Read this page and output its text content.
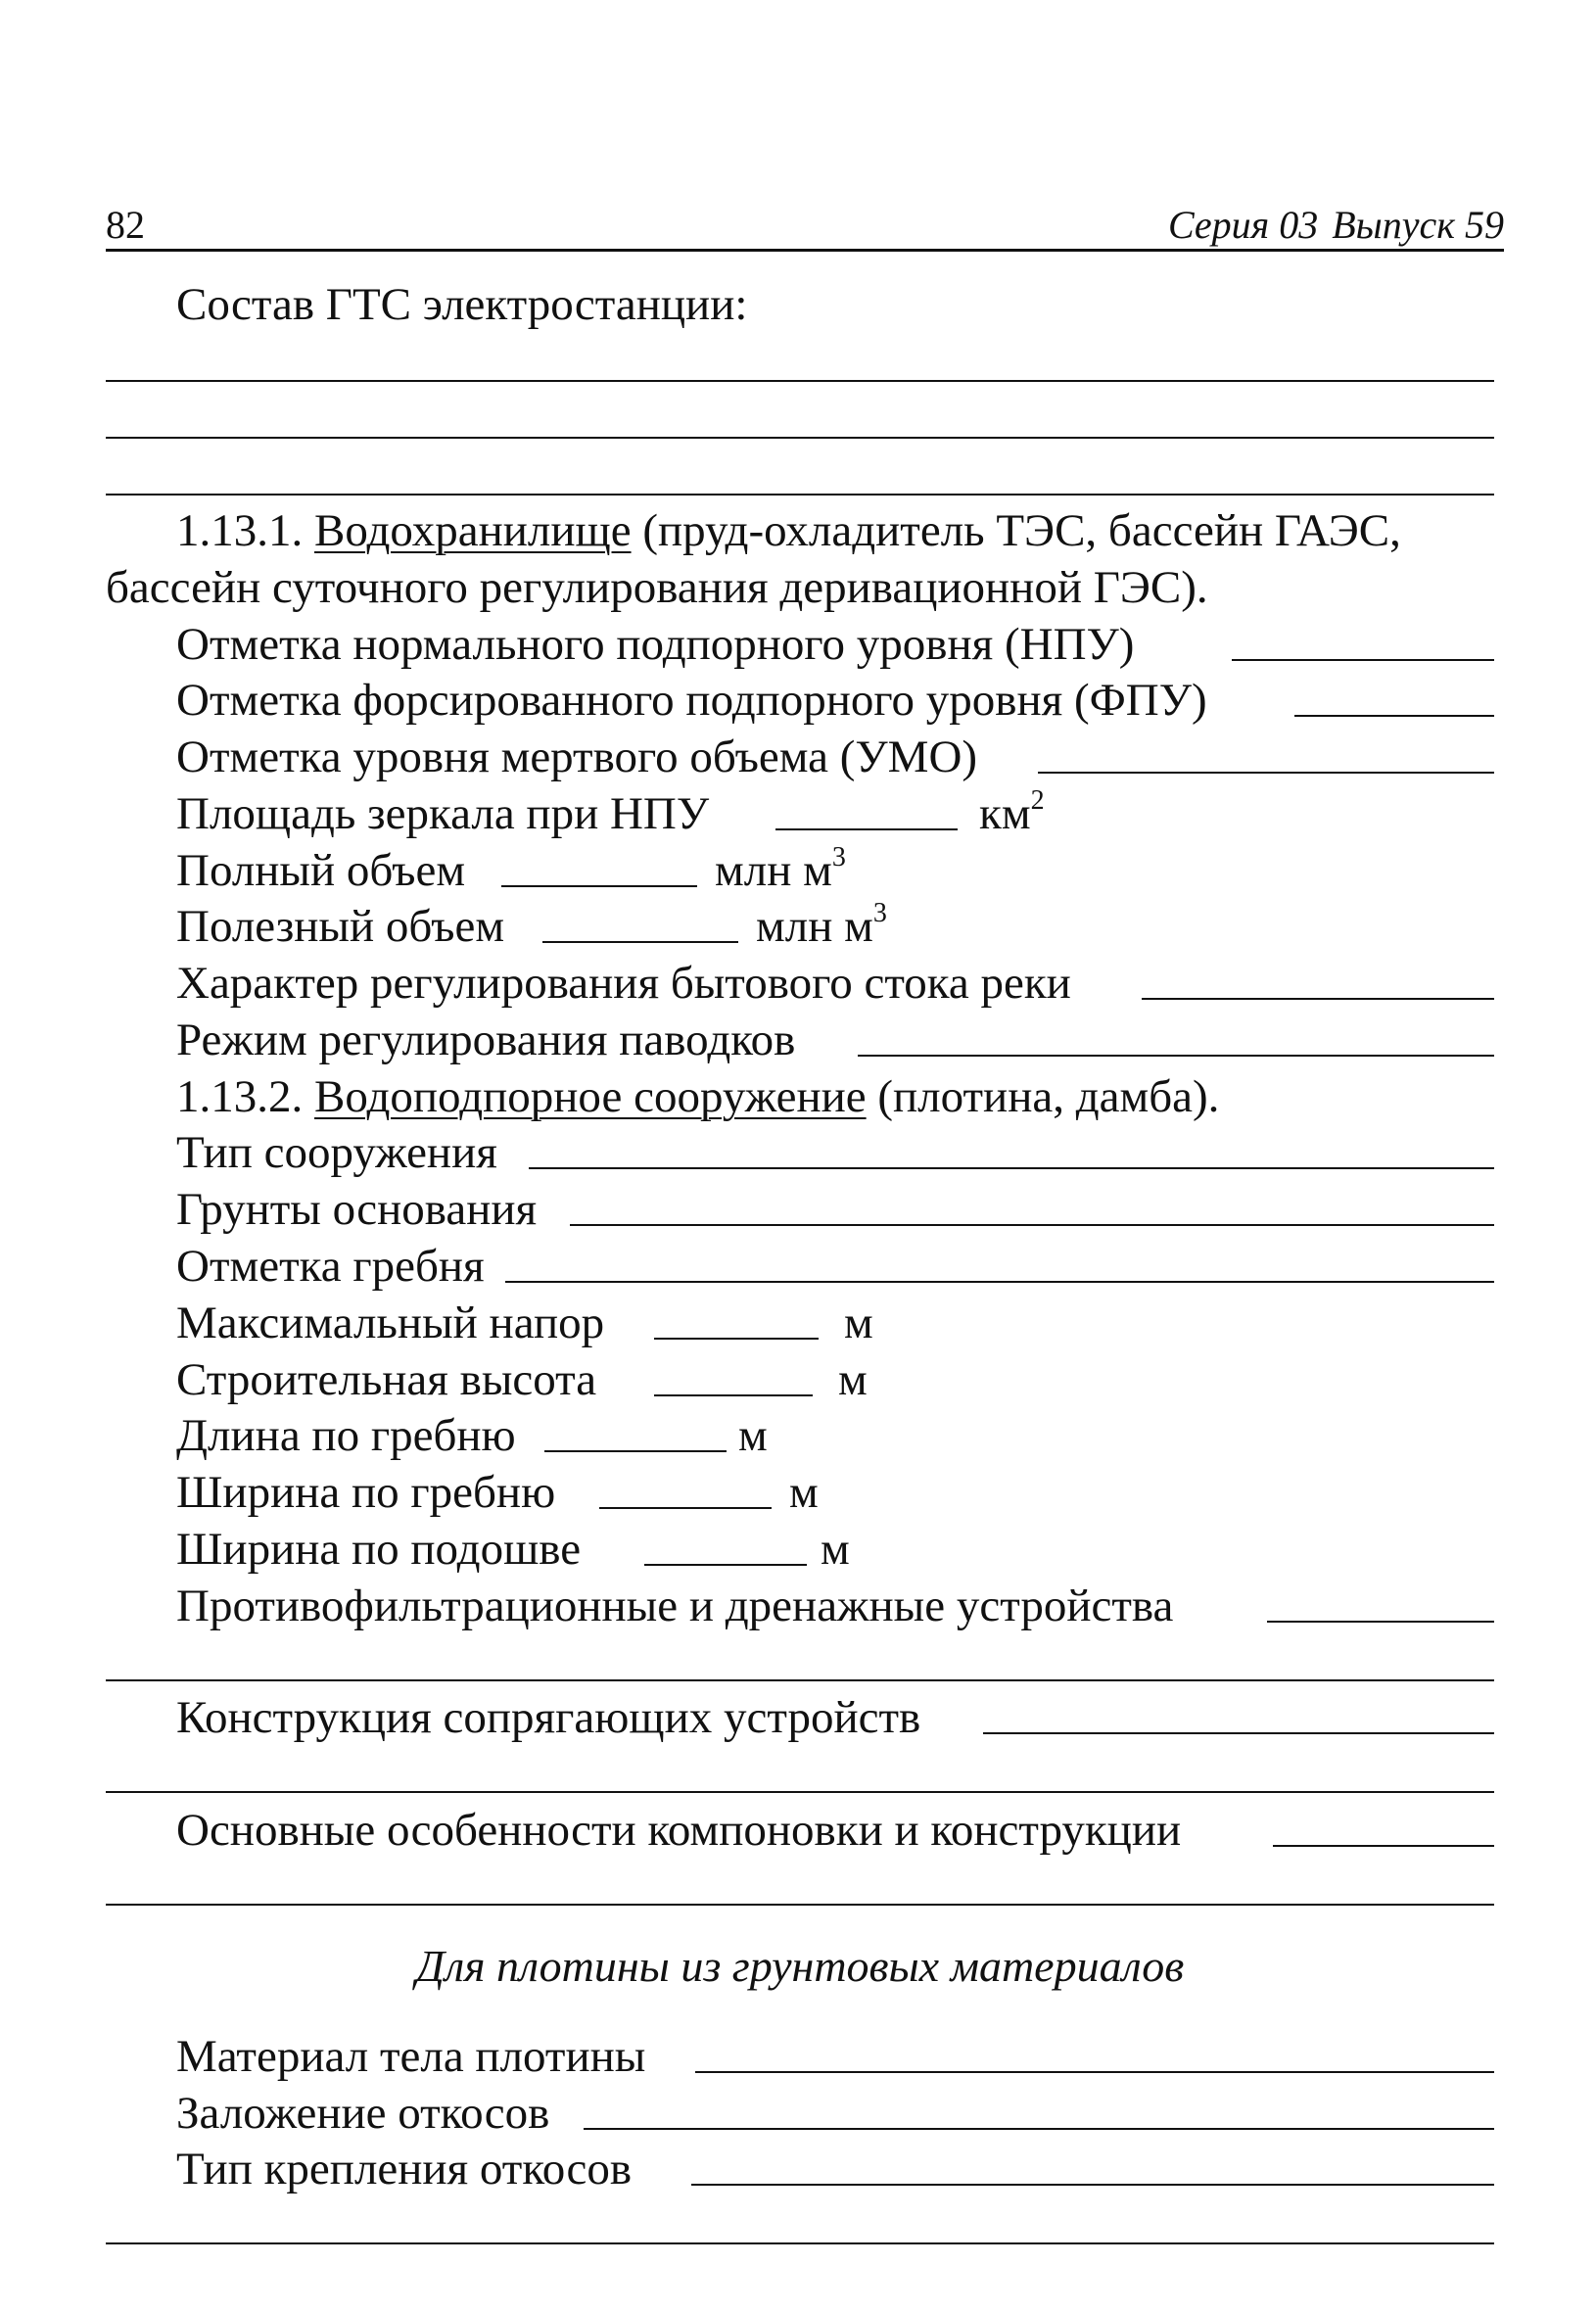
82	Серия 03 Выпуск 59
Состав ГТС электростанции:
1.13.1. Водохранилище (пруд-охладитель ТЭС, бассейн ГАЭС,
бассейн суточного регулирования деривационной ГЭС).
Отметка нормального подпорного уровня (НПУ)
Отметка форсированного подпорного уровня (ФПУ)
Отметка уровня мертвого объема (УМО)
Площадь зеркала при НПУ	$км^2$
Полный объем	млн $м^3$
Полезный объем	млн $м^3$
Характер регулирования бытового стока реки
Режим регулирования паводков
1.13.2. Водоподпорное сооружение (плотина, дамба).
Тип сооружения
Грунты основания
Отметка гребня
Максимальный напор	м
Строительная высота	м
Длина по гребню	м
Ширина по гребню	м
Ширина по подошве	м
Противофильтрационные и дренажные устройства
Конструкция сопрягающих устройств
Основные особенности компоновки и конструкции
Для плотины из грунтовых материалов
Материал тела плотины
Заложение откосов
Тип крепления откосов
